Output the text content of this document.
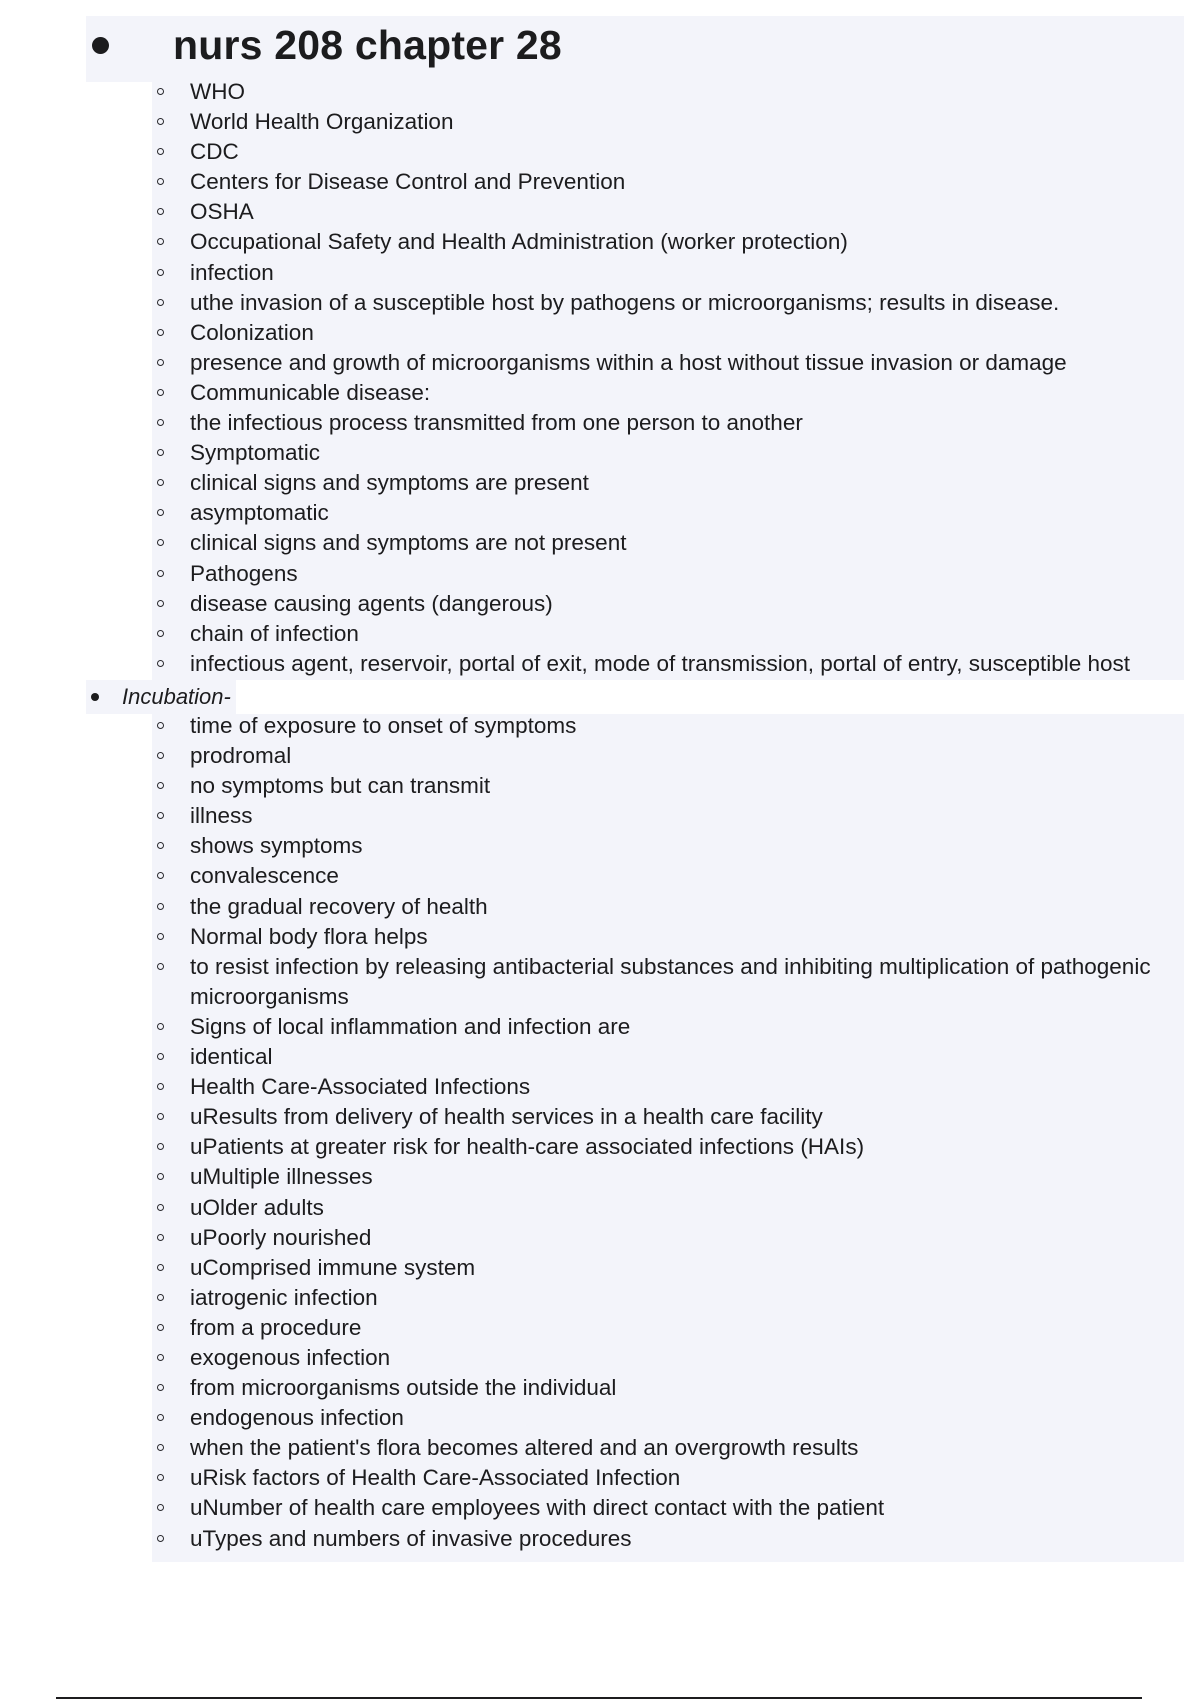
nurs 208 chapter 28
WHO
World Health Organization
CDC
Centers for Disease Control and Prevention
OSHA
Occupational Safety and Health Administration (worker protection)
infection
uthe invasion of a susceptible host by pathogens or microorganisms; results in disease.
Colonization
presence and growth of microorganisms within a host without tissue invasion or damage
Communicable disease:
the infectious process transmitted from one person to another
Symptomatic
clinical signs and symptoms are present
asymptomatic
clinical signs and symptoms are not present
Pathogens
disease causing agents (dangerous)
chain of infection
infectious agent, reservoir, portal of exit, mode of transmission, portal of entry, susceptible host
Incubation-
time of exposure to onset of symptoms
prodromal
no symptoms but can transmit
illness
shows symptoms
convalescence
the gradual recovery of health
Normal body flora helps
to resist infection by releasing antibacterial substances and inhibiting multiplication of pathogenic microorganisms
Signs of local inflammation and infection are
identical
Health Care-Associated Infections
uResults from delivery of health services in a health care facility
uPatients at greater risk for health-care associated infections (HAIs)
uMultiple illnesses
uOlder adults
uPoorly nourished
uComprised immune system
iatrogenic infection
from a procedure
exogenous infection
from microorganisms outside the individual
endogenous infection
when the patient's flora becomes altered and an overgrowth results
uRisk factors of Health Care-Associated Infection
uNumber of health care employees with direct contact with the patient
uTypes and numbers of invasive procedures
